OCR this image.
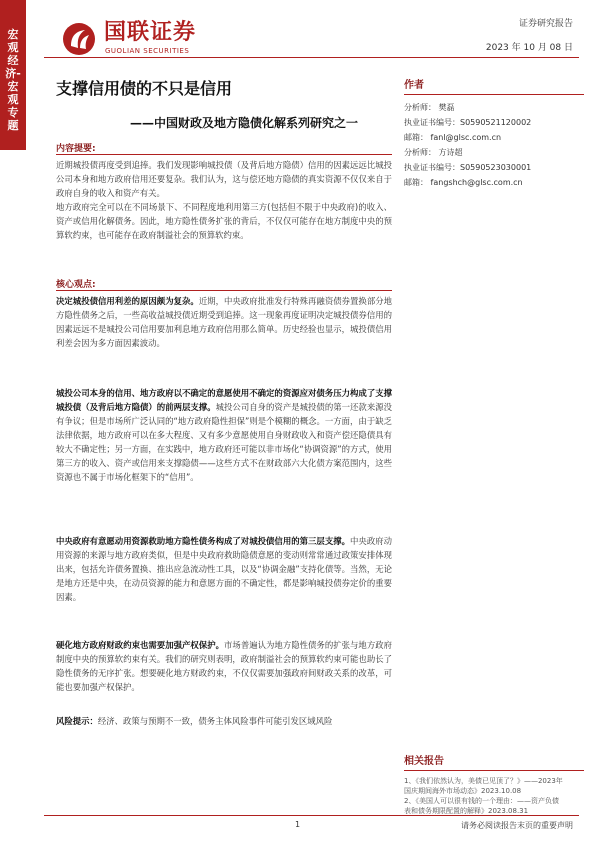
宏观经济-宏观专题
国联证券
GUOLIAN SECURITIES
证券研究报告
2023 年 10 月 08 日
支撑信用债的不只是信用
——中国财政及地方隐债化解系列研究之一
内容提要:

近期城投债再度受到追捧。我们发现影响城投债（及背后地方隐债）信用的因素远远比城投公司本身和地方政府信用还要复杂。我们认为，这与偿还地方隐债的真实资源不仅仅来自于政府自身的收入和资产有关。

地方政府完全可以在不同场景下、不同程度地利用第三方(包括但不限于中央政府)的收入、资产或信用化解债务。因此，地方隐性债务扩张的背后，不仅仅可能存在地方制度中央的预算软约束，也可能存在政府制溢社会的预算软约束。

核心观点:

决定城投债信用利差的原因颇为复杂。近期，中央政府批准发行特殊再融资债券置换部分地方隐性债务之后，一些高收益城投债近期受到追捧。这一现象再度证明决定城投债券信用的因素远远不是城投公司信用要加利息地方政府信用那么简单。历史经验也显示，城投债信用利差会因为多方面因素波动。

城投公司本身的信用、地方政府以不确定的意愿使用不确定的资源应对债务压力构成了支撑城投债（及背后地方隐债）的前两层支撑。城投公司自身的资产是城投债的第一还款来源没有争议；但是市场所广泛认同的“地方政府隐性担保”则是个模糊的概念。一方面，由于缺乏法律依据，地方政府可以在多大程度、又有多少意愿使用自身财政收入和资产偿还隐债具有较大不确定性；另一方面，在实践中，地方政府还可能以非市场化“协调资源”的方式，使用第三方的收入、资产或信用来支撑隐债——这些方式不在财政部六大化债方案范围内，这些资源也不属于市场化框架下的“信用”。

中央政府有意愿动用资源救助地方隐性债务构成了对城投债信用的第三层支撑。中央政府动用资源的来源与地方政府类似，但是中央政府救助隐债意愿的变动则常常通过政策安排体现出来，包括允许债务置换、推出应急流动性工具，以及“协调金融”支持化债等。当然，无论是地方还是中央，在动员资源的能力和意愿方面的不确定性，都是影响城投债券定价的重要因素。

硬化地方政府财政约束也需要加强产权保护。市场普遍认为地方隐性债务的扩张与地方政府制度中央的预算软约束有关。我们的研究则表明，政府制溢社会的预算软约束可能也助长了隐性债务的无序扩张。想要硬化地方财政约束，不仅仅需要加强政府间财政关系的改革，可能也要加强产权保护。

风险提示：经济、政策与预期不一致，债务主体风险事件可能引发区域风险

作者
分析师： 樊磊
执业证书编号：S0590521120002
邮箱： fanl@glsc.com.cn
分析师： 方诗超
执业证书编号：S0590523030001
邮箱： fangshch@glsc.com.cn
相关报告
1、《我们依然认为，美债已见顶了？》——2023年
国庆期间海外市场动态》2023.10.08
2、《美国人可以很有钱的一个理由：——资产负债
表和债务期限配置的解释》2023.08.31
1	请务必阅读报告末页的重要声明
